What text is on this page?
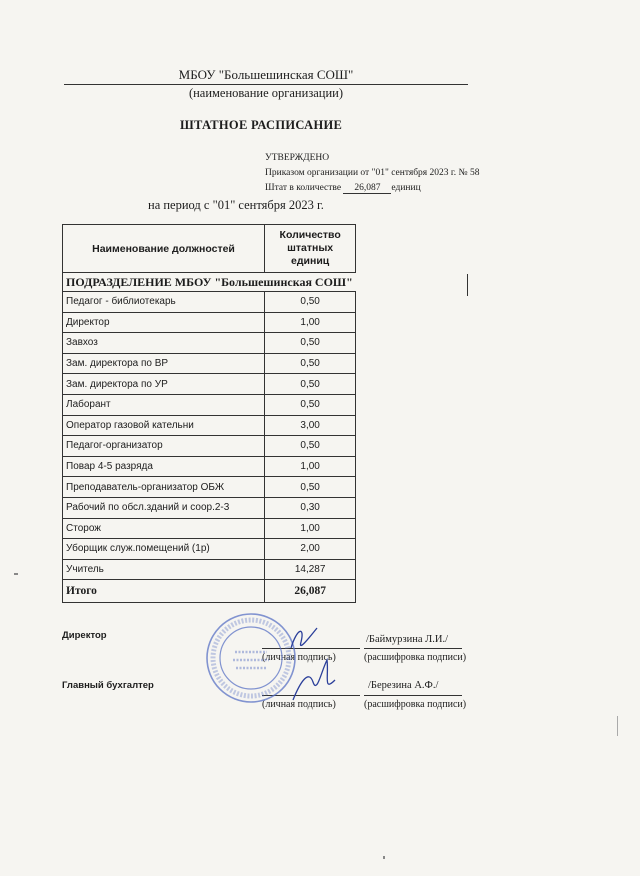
МБОУ "Большешинская СОШ"
(наименование организации)
ШТАТНОЕ РАСПИСАНИЕ
УТВЕРЖДЕНО
Приказом организации от "01" сентября 2023 г. № 58
Штат в количестве 26,087 единиц
на период с "01" сентября 2023 г.
Наименование должностей	Количество
штатных
единиц

ПОДРАЗДЕЛЕНИЕ МБОУ "Большешинская СОШ"	
Педагог - библиотекарь	0,50
Директор	1,00
Завхоз	0,50
Зам. директора по ВР	0,50
Зам. директора по УР	0,50
Лаборант	0,50
Оператор газовой кательни	3,00
Педагог-организатор	0,50
Повар 4-5 разряда	1,00
Преподаватель-организатор ОБЖ	0,50
Рабочий по обсл.зданий и соор.2-3	0,30
Сторож	1,00
Уборщик служ.помещений (1р)	2,00
Учитель	14,287
Итого	26,087
Директор	/Баймурзина Л.И./
(личная подпись)	(расшифровка подписи)
Главный бухгалтер	/Березина А.Ф./
(личная подпись)	(расшифровка подписи)
